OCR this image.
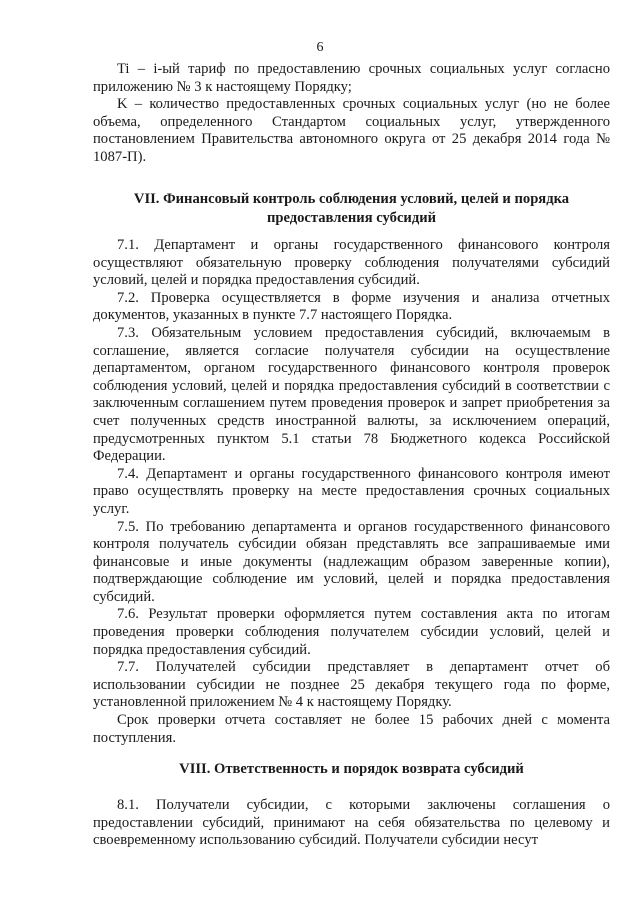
6

Ti – i-ый тариф по предоставлению срочных социальных услуг согласно приложению № 3 к настоящему Порядку;

K – количество предоставленных срочных социальных услуг (но не более объема, определенного Стандартом социальных услуг, утвержденного постановлением Правительства автономного округа от 25 декабря 2014 года № 1087-П).

VII. Финансовый контроль соблюдения условий, целей и порядка предоставления субсидий

7.1. Департамент и органы государственного финансового контроля осуществляют обязательную проверку соблюдения получателями субсидий условий, целей и порядка предоставления субсидий.

7.2. Проверка осуществляется в форме изучения и анализа отчетных документов, указанных в пункте 7.7 настоящего Порядка.

7.3. Обязательным условием предоставления субсидий, включаемым в соглашение, является согласие получателя субсидии на осуществление департаментом, органом государственного финансового контроля проверок соблюдения условий, целей и порядка предоставления субсидий в соответствии с заключенным соглашением путем проведения проверок и запрет приобретения за счет полученных средств иностранной валюты, за исключением операций, предусмотренных пунктом 5.1 статьи 78 Бюджетного кодекса Российской Федерации.

7.4. Департамент и органы государственного финансового контроля имеют право осуществлять проверку на месте предоставления срочных социальных услуг.

7.5. По требованию департамента и органов государственного финансового контроля получатель субсидии обязан представлять все запрашиваемые ими финансовые и иные документы (надлежащим образом заверенные копии), подтверждающие соблюдение им условий, целей и порядка предоставления субсидий.

7.6. Результат проверки оформляется путем составления акта по итогам проведения проверки соблюдения получателем субсидии условий, целей и порядка предоставления субсидий.

7.7. Получателей субсидии представляет в департамент отчет об использовании субсидии не позднее 25 декабря текущего года по форме, установленной приложением № 4 к настоящему Порядку.

Срок проверки отчета составляет не более 15 рабочих дней с момента поступления.

VIII. Ответственность и порядок возврата субсидий

8.1. Получатели субсидии, с которыми заключены соглашения о предоставлении субсидий, принимают на себя обязательства по целевому и своевременному использованию субсидий. Получатели субсидии несут
